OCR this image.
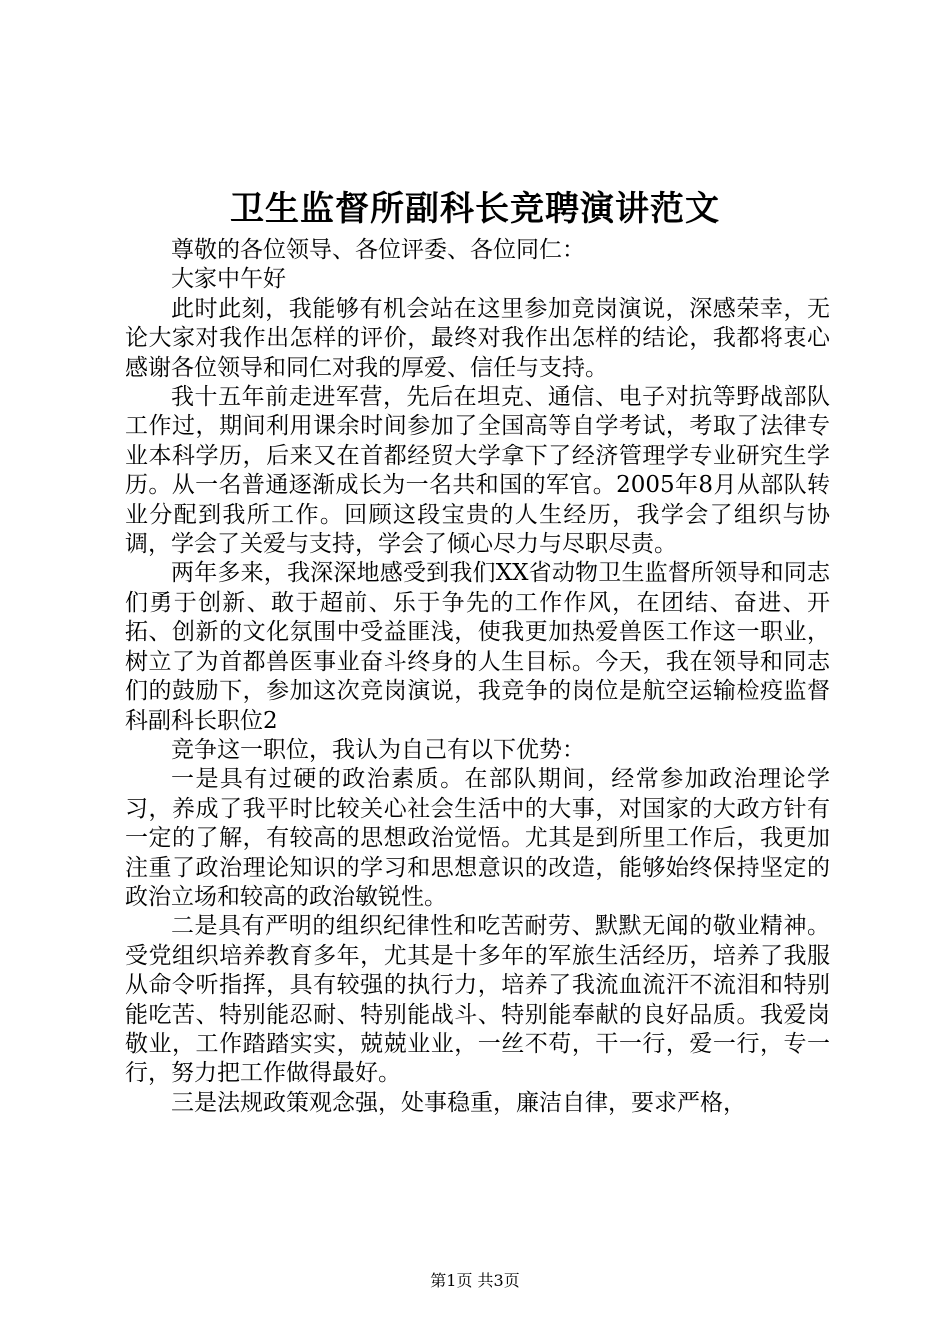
卫生监督所副科长竞聘演讲范文

尊敬的各位领导、各位评委、各位同仁：

大家中午好

此时此刻，我能够有机会站在这里参加竞岗演说，深感荣幸，无论大家对我作出怎样的评价，最终对我作出怎样的结论，我都将衷心感谢各位领导和同仁对我的厚爱、信任与支持。

我十五年前走进军营，先后在坦克、通信、电子对抗等野战部队工作过，期间利用课余时间参加了全国高等自学考试，考取了法律专业本科学历，后来又在首都经贸大学拿下了经济管理学专业研究生学历。从一名普通逐渐成长为一名共和国的军官。2005年8月从部队转业分配到我所工作。回顾这段宝贵的人生经历，我学会了组织与协调，学会了关爱与支持，学会了倾心尽力与尽职尽责。

两年多来，我深深地感受到我们XX省动物卫生监督所领导和同志们勇于创新、敢于超前、乐于争先的工作作风，在团结、奋进、开拓、创新的文化氛围中受益匪浅，使我更加热爱兽医工作这一职业，树立了为首都兽医事业奋斗终身的人生目标。今天，我在领导和同志们的鼓励下，参加这次竞岗演说，我竞争的岗位是航空运输检疫监督科副科长职位2

竞争这一职位，我认为自己有以下优势：

一是具有过硬的政治素质。在部队期间，经常参加政治理论学习，养成了我平时比较关心社会生活中的大事，对国家的大政方针有一定的了解，有较高的思想政治觉悟。尤其是到所里工作后，我更加注重了政治理论知识的学习和思想意识的改造，能够始终保持坚定的政治立场和较高的政治敏锐性。

二是具有严明的组织纪律性和吃苦耐劳、默默无闻的敬业精神。受党组织培养教育多年，尤其是十多年的军旅生活经历，培养了我服从命令听指挥，具有较强的执行力，培养了我流血流汗不流泪和特别能吃苦、特别能忍耐、特别能战斗、特别能奉献的良好品质。我爱岗敬业，工作踏踏实实，兢兢业业，一丝不苟，干一行，爱一行，专一行，努力把工作做得最好。

三是法规政策观念强，处事稳重，廉洁自律，要求严格，

第1页 共3页
